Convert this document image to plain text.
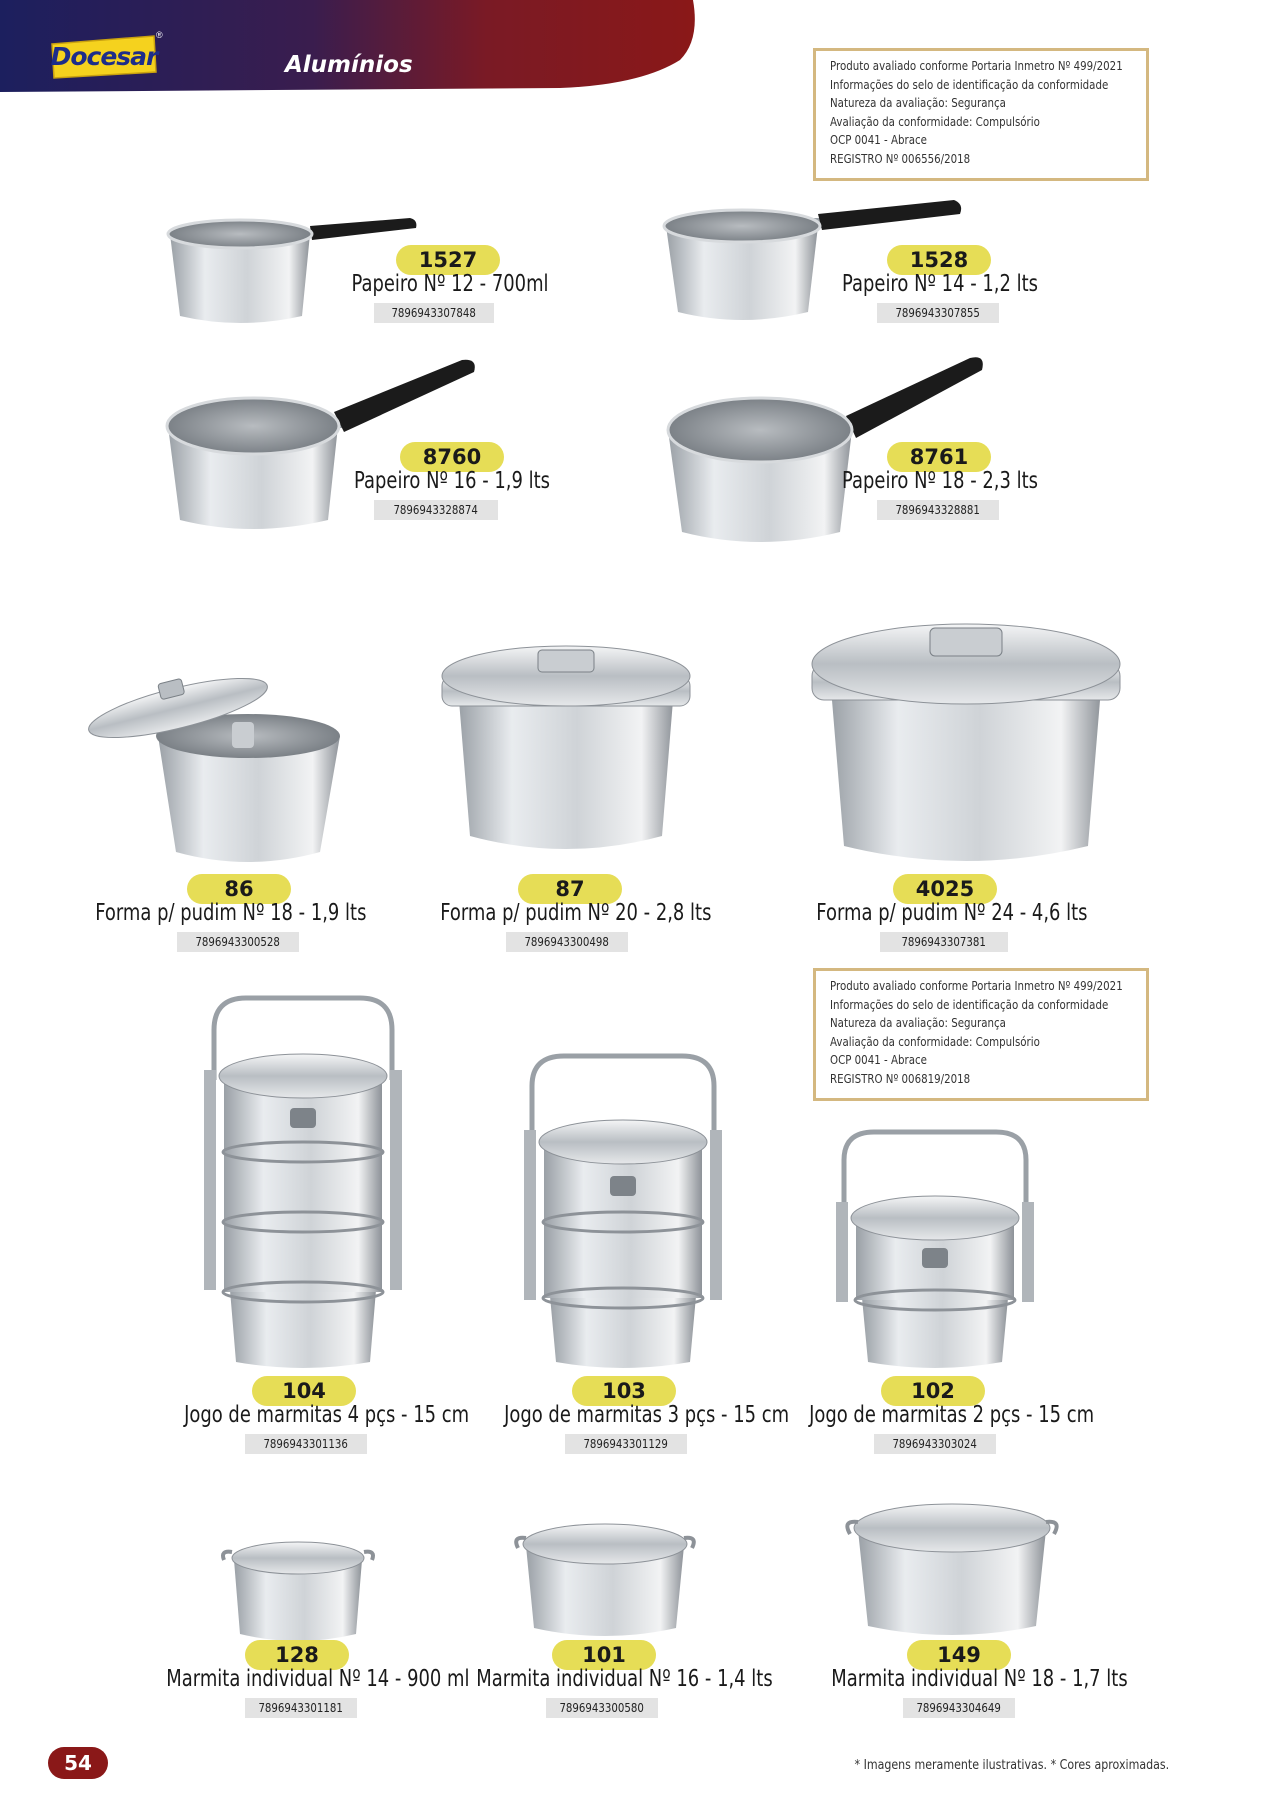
Docesar
®
Alumínios	Produto avaliado conforme Portaria Inmetro Nº 499/2021
Informações do selo de identificação da conformidade
Natureza da avaliação: Segurança
Avaliação da conformidade: Compulsório
OCP 0041 - Abrace
REGISTRO Nº 006556/2018
Produto avaliado conforme Portaria Inmetro Nº 499/2021
Informações do selo de identificação da conformidade
Natureza da avaliação: Segurança
Avaliação da conformidade: Compulsório
OCP 0041 - Abrace
REGISTRO Nº 006819/2018
1527
Papeiro Nº 12 - 700ml
7896943307848
1528
Papeiro Nº 14 - 1,2 lts
7896943307855
8760
Papeiro Nº 16 - 1,9 lts
7896943328874
8761
Papeiro Nº 18 - 2,3 lts
7896943328881
86
Forma p/ pudim Nº 18 - 1,9 lts
7896943300528
87
Forma p/ pudim Nº 20 - 2,8 lts
7896943300498
4025
Forma p/ pudim Nº 24 - 4,6 lts
7896943307381
104
Jogo de marmitas 4 pçs - 15 cm
7896943301136
103
Jogo de marmitas 3 pçs - 15 cm
7896943301129
102
Jogo de marmitas 2 pçs - 15 cm
7896943303024
128
Marmita individual Nº 14 - 900 ml
7896943301181
101
Marmita individual Nº 16 - 1,4 lts
7896943300580
149
Marmita individual Nº 18 - 1,7 lts
7896943304649
54	* Imagens meramente ilustrativas. * Cores aproximadas.
